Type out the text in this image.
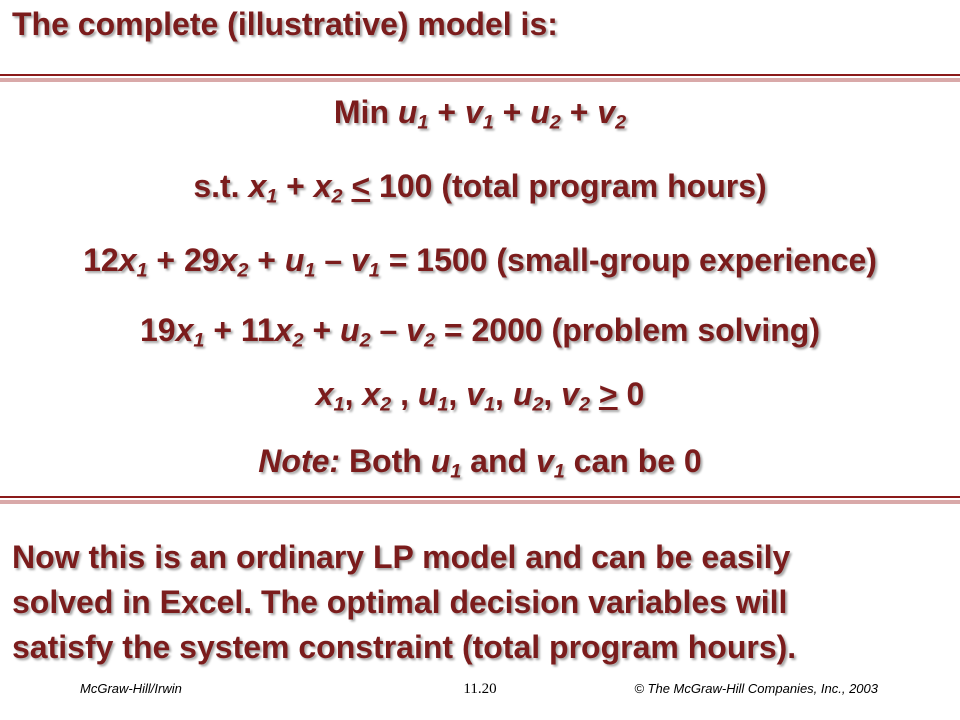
The complete (illustrative) model is:
Min $u_1 + v_1 + u_2 + v_2$
s.t. $x_1 + x_2 \le 100$ (total program hours)
$12x_1 + 29x_2 + u_1 - v_1 = 1500$ (small-group experience)
$19x_1 + 11x_2 + u_2 - v_2 = 2000$ (problem solving)
$x_1$, $x_2$ , $u_1$, $v_1$, $u_2$, $v_2 \ge 0$
Note: Both $u_1$ and $v_1$ can be 0
Now this is an ordinary LP model and can be easily
solved in Excel. The optimal decision variables will
satisfy the system constraint (total program hours).
McGraw-Hill/Irwin	11.20	© The McGraw-Hill Companies, Inc., 2003
